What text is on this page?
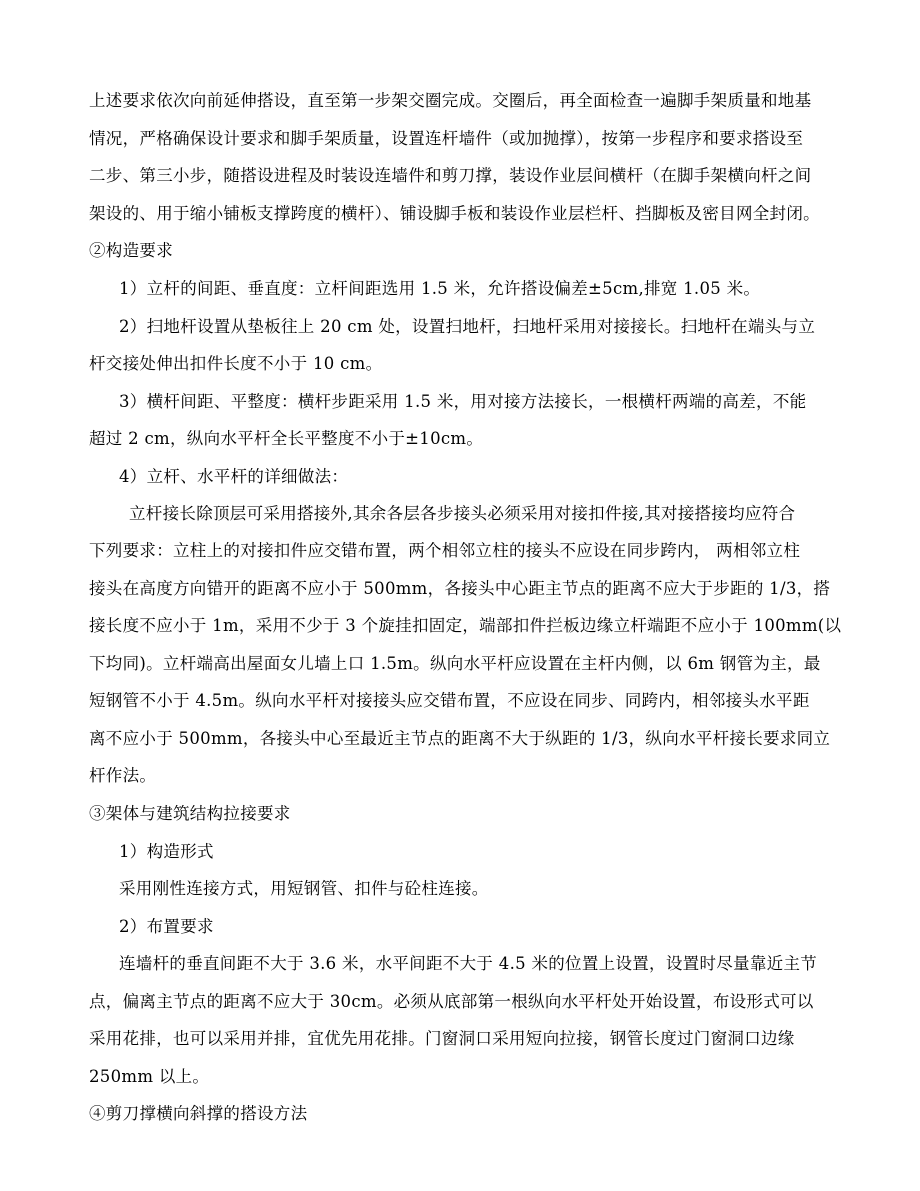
上述要求依次向前延伸搭设，直至第一步架交圈完成。交圈后，再全面检查一遍脚手架质量和地基
情况，严格确保设计要求和脚手架质量，设置连杆墙件（或加抛撑），按第一步程序和要求搭设至
二步、第三小步，随搭设进程及时装设连墙件和剪刀撑，装设作业层间横杆（在脚手架横向杆之间
架设的、用于缩小铺板支撑跨度的横杆）、铺设脚手板和装设作业层栏杆、挡脚板及密目网全封闭。
②构造要求
1）立杆的间距、垂直度：立杆间距选用 1.5 米，允许搭设偏差±5cm,排宽 1.05 米。
2）扫地杆设置从垫板往上 20 cm 处，设置扫地杆，扫地杆采用对接接长。扫地杆在端头与立
杆交接处伸出扣件长度不小于 10 cm。
3）横杆间距、平整度：横杆步距采用 1.5 米，用对接方法接长，一根横杆两端的高差，不能
超过 2 cm，纵向水平杆全长平整度不小于±10cm。
4）立杆、水平杆的详细做法：
立杆接长除顶层可采用搭接外,其余各层各步接头必须采用对接扣件接,其对接搭接均应符合
下列要求：立柱上的对接扣件应交错布置，两个相邻立柱的接头不应设在同步跨内， 两相邻立柱
接头在高度方向错开的距离不应小于 500mm，各接头中心距主节点的距离不应大于步距的 1/3，搭
接长度不应小于 1m，采用不少于 3 个旋挂扣固定，端部扣件拦板边缘立杆端距不应小于 100mm(以
下均同)。立杆端高出屋面女儿墙上口 1.5m。纵向水平杆应设置在主杆内侧，以 6m 钢管为主，最
短钢管不小于 4.5m。纵向水平杆对接接头应交错布置，不应设在同步、同跨内，相邻接头水平距
离不应小于 500mm，各接头中心至最近主节点的距离不大于纵距的 1/3，纵向水平杆接长要求同立
杆作法。
③架体与建筑结构拉接要求
1）构造形式
采用刚性连接方式，用短钢管、扣件与砼柱连接。
2）布置要求
连墙杆的垂直间距不大于 3.6 米，水平间距不大于 4.5 米的位置上设置，设置时尽量靠近主节
点，偏离主节点的距离不应大于 30cm。必须从底部第一根纵向水平杆处开始设置，布设形式可以
采用花排，也可以采用并排，宜优先用花排。门窗洞口采用短向拉接，钢管长度过门窗洞口边缘
250mm 以上。
④剪刀撑横向斜撑的搭设方法
